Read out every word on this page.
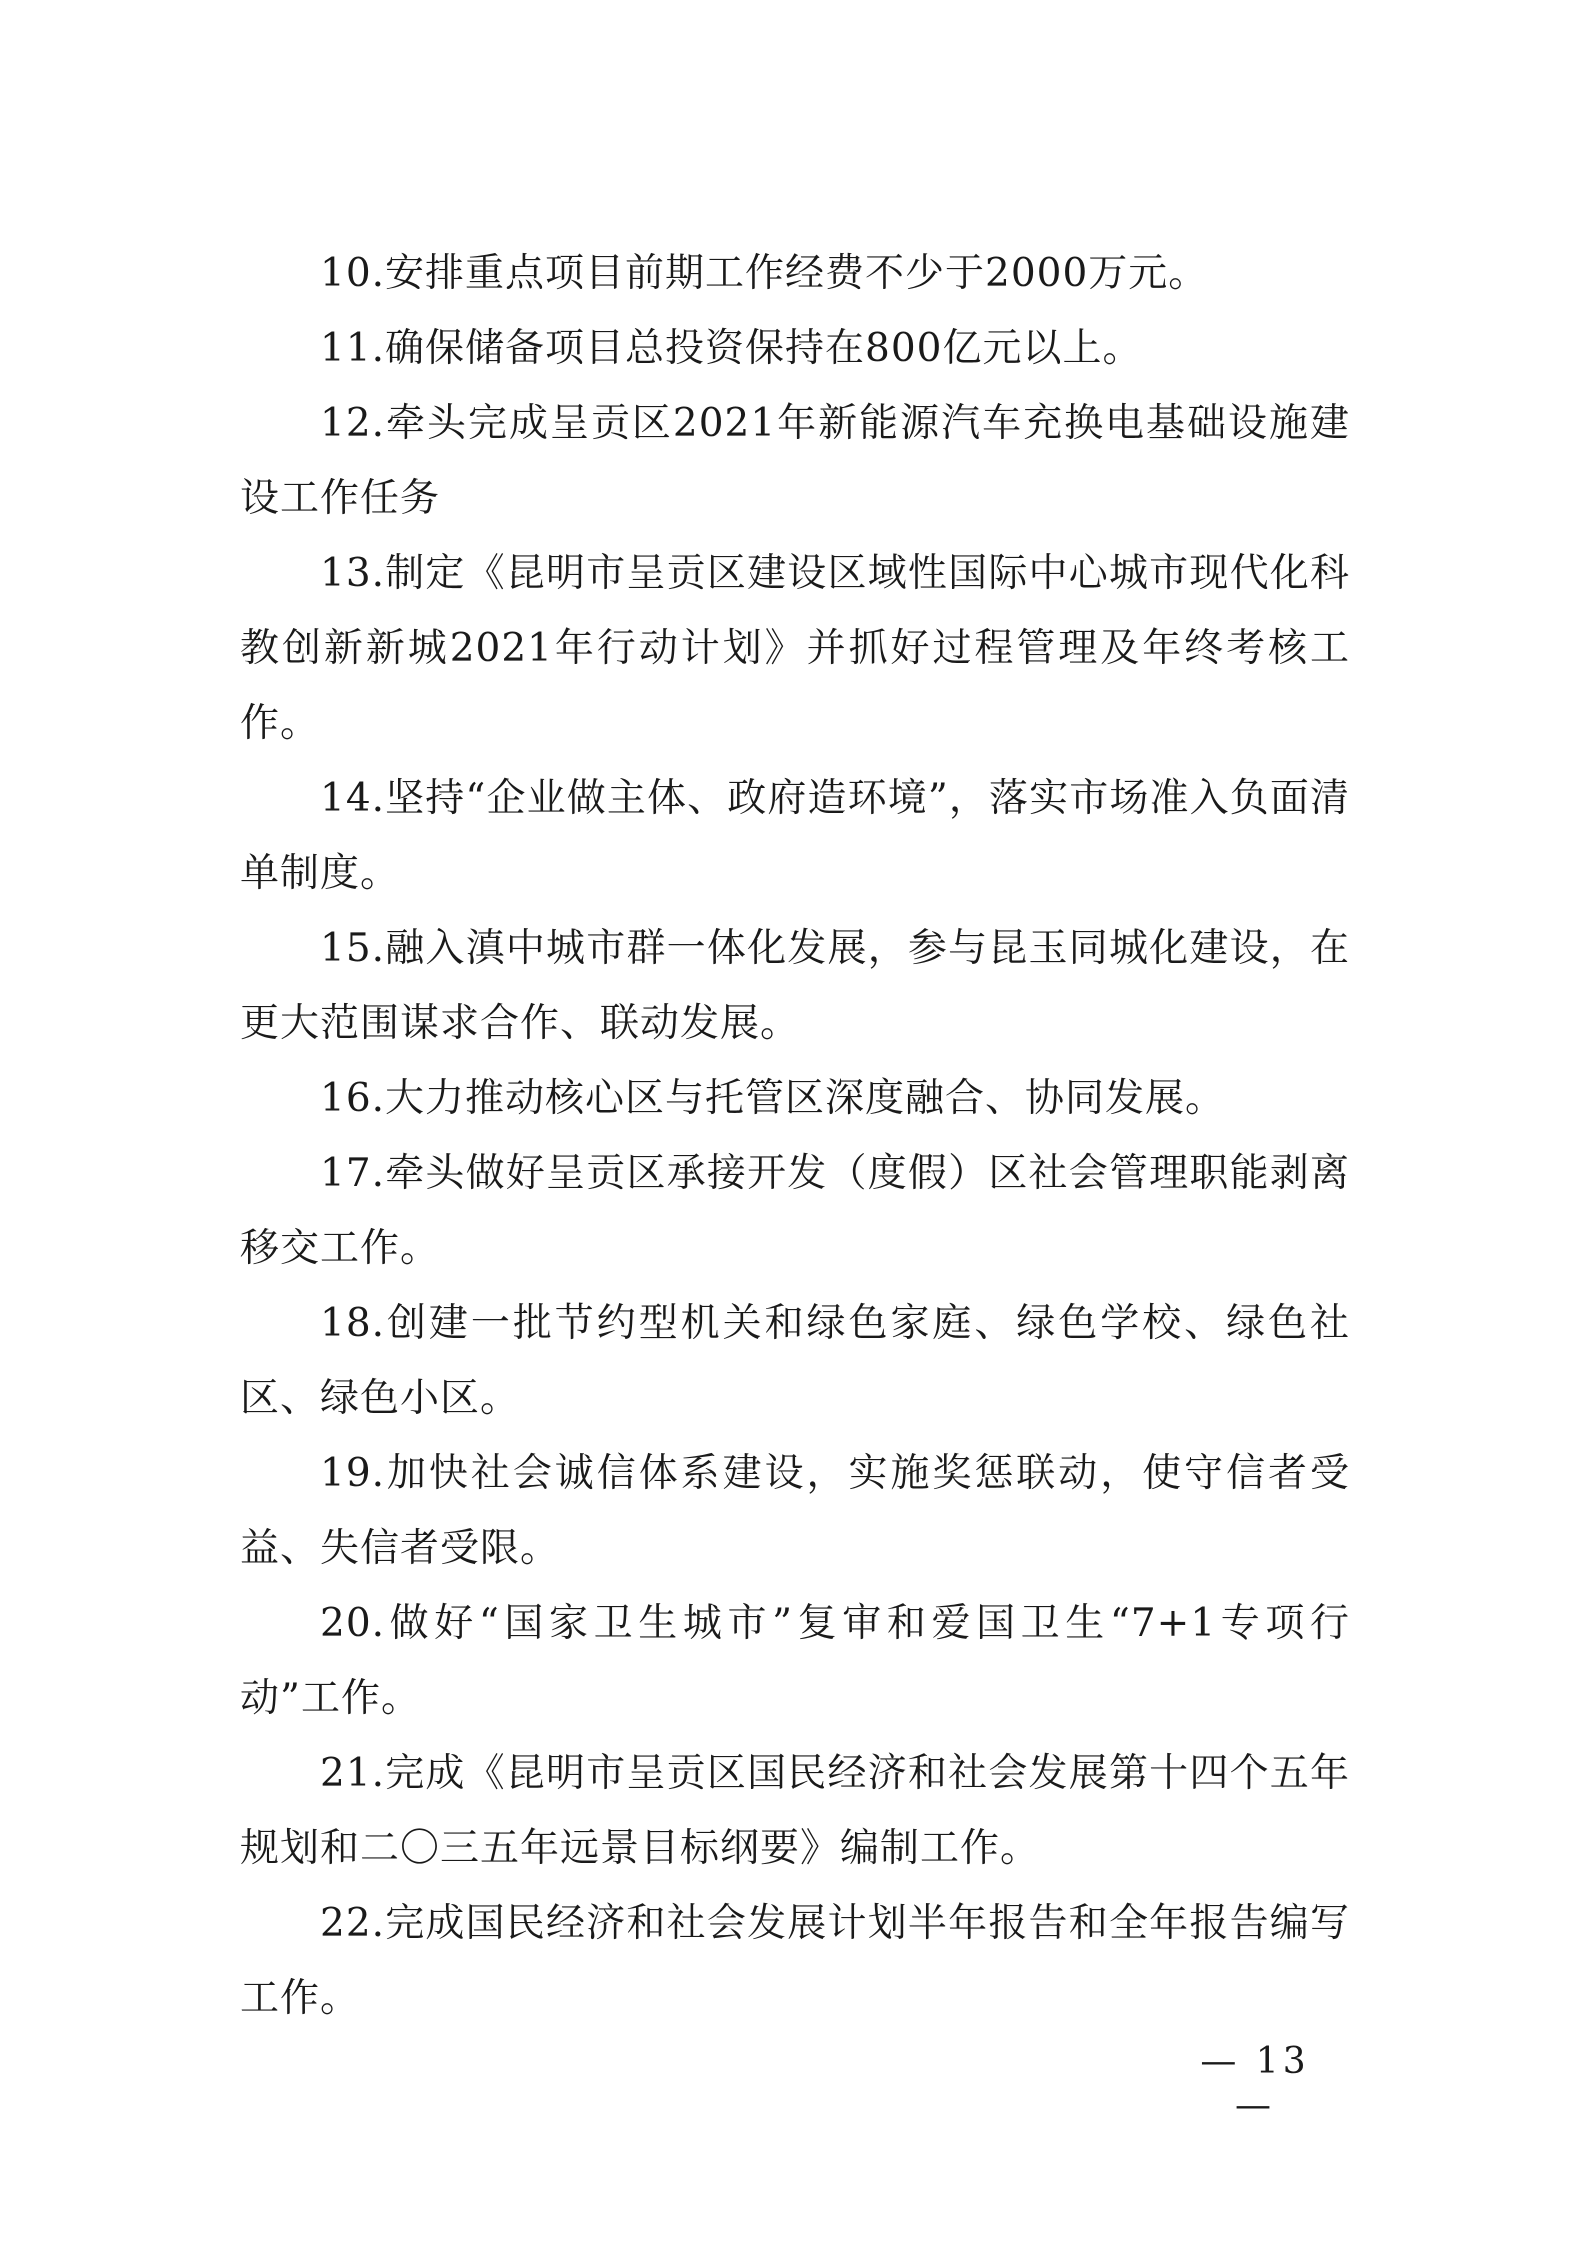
10.安排重点项目前期工作经费不少于2000万元。

11.确保储备项目总投资保持在800亿元以上。

12.牵头完成呈贡区2021年新能源汽车充换电基础设施建设工作任务

13.制定《昆明市呈贡区建设区域性国际中心城市现代化科教创新新城2021年行动计划》并抓好过程管理及年终考核工作。

14.坚持“企业做主体、政府造环境”，落实市场准入负面清单制度。

15.融入滇中城市群一体化发展，参与昆玉同城化建设，在更大范围谋求合作、联动发展。

16.大力推动核心区与托管区深度融合、协同发展。

17.牵头做好呈贡区承接开发（度假）区社会管理职能剥离移交工作。

18.创建一批节约型机关和绿色家庭、绿色学校、绿色社区、绿色小区。

19.加快社会诚信体系建设，实施奖惩联动，使守信者受益、失信者受限。

20.做好“国家卫生城市”复审和爱国卫生“7+1专项行动”工作。

21.完成《昆明市呈贡区国民经济和社会发展第十四个五年规划和二〇三五年远景目标纲要》编制工作。

22.完成国民经济和社会发展计划半年报告和全年报告编写工作。

— 13 —
